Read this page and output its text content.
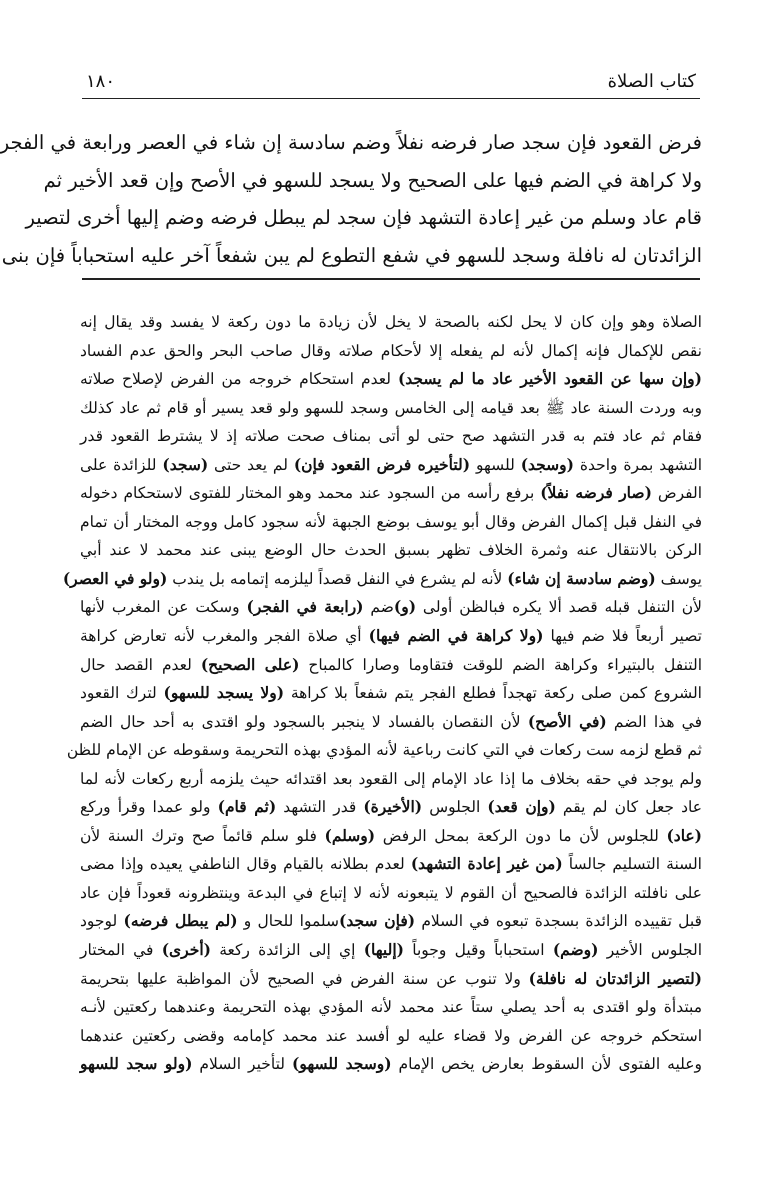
كتاب الصلاة
١٨٠
فرض القعود فإن سجد صار فرضه نفلاً وضم سادسة إن شاء في العصر ورابعة في الفجر
ولا كراهة في الضم فيها على الصحيح ولا يسجد للسهو في الأصح وإن قعد الأخير ثم
قام عاد وسلم من غير إعادة التشهد فإن سجد لم يبطل فرضه وضم إليها أخرى لتصير
الزائدتان له نافلة وسجد للسهو في شفع التطوع لم يبن شفعاً آخر عليه استحباباً فإن بنى
الصلاة وهو وإن كان لا يحل لكنه بالصحة لا يخل لأن زيادة ما دون ركعة لا يفسد وقد يقال إنه
نقص للإكمال فإنه إكمال لأنه لم يفعله إلا لأحكام صلاته وقال صاحب البحر والحق عدم الفساد
(وإن سها عن القعود الأخير عاد ما لم يسجد) لعدم استحكام خروجه من الفرض لإصلاح صلاته
وبه وردت السنة عاد ﷺ بعد قيامه إلى الخامس وسجد للسهو ولو قعد يسير أو قام ثم عاد كذلك
فقام ثم عاد فتم به قدر التشهد صح حتى لو أتى بمناف صحت صلاته إذ لا يشترط القعود قدر
التشهد بمرة واحدة (وسجد) للسهو (لتأخيره فرض القعود فإن) لم يعد حتى (سجد) للزائدة على
الفرض (صار فرضه نفلاً) برفع رأسه من السجود عند محمد وهو المختار للفتوى لاستحكام دخوله
في النفل قبل إكمال الفرض وقال أبو يوسف بوضع الجبهة لأنه سجود كامل ووجه المختار أن تمام
الركن بالانتقال عنه وثمرة الخلاف تظهر بسبق الحدث حال الوضع يبنى عند محمد لا عند أبي
يوسف (وضم سادسة إن شاء) لأنه لم يشرع في النفل قصداً ليلزمه إتمامه بل يندب (ولو في العصر)
لأن التنفل قبله قصد ألا يكره فبالظن أولى (و)ضم (رابعة في الفجر) وسكت عن المغرب لأنها
تصير أربعاً فلا ضم فيها (ولا كراهة في الضم فيها) أي صلاة الفجر والمغرب لأنه تعارض كراهة
التنفل بالبتيراء وكراهة الضم للوقت فتقاوما وصارا كالمباح (على الصحيح) لعدم القصد حال
الشروع كمن صلى ركعة تهجداً فطلع الفجر يتم شفعاً بلا كراهة (ولا يسجد للسهو) لترك القعود
في هذا الضم (في الأصح) لأن النقصان بالفساد لا ينجبر بالسجود ولو اقتدى به أحد حال الضم
ثم قطع لزمه ست ركعات في التي كانت رباعية لأنه المؤدي بهذه التحريمة وسقوطه عن الإمام للظن
ولم يوجد في حقه بخلاف ما إذا عاد الإمام إلى القعود بعد اقتدائه حيث يلزمه أربع ركعات لأنه لما
عاد جعل كان لم يقم (وإن قعد) الجلوس (الأخيرة) قدر التشهد (ثم قام) ولو عمدا وقرأ وركع
(عاد) للجلوس لأن ما دون الركعة بمحل الرفض (وسلم) فلو سلم قائماً صح وترك السنة لأن
السنة التسليم جالساً (من غير إعادة التشهد) لعدم بطلانه بالقيام وقال الناطفي يعيده وإذا مضى
على نافلته الزائدة فالصحيح أن القوم لا يتبعونه لأنه لا إتباع في البدعة وينتظرونه قعوداً فإن عاد
قبل تقييده الزائدة بسجدة تبعوه في السلام (فإن سجد)سلموا للحال و (لم يبطل فرضه) لوجود
الجلوس الأخير (وضم) استحباباً وقيل وجوباً (إليها) إي إلى الزائدة ركعة (أخرى) في المختار
(لتصير الزائدتان له نافلة) ولا تنوب عن سنة الفرض في الصحيح لأن المواظبة عليها بتحريمة
مبتدأة ولو اقتدى به أحد يصلي ستاً عند محمد لأنه المؤدي بهذه التحريمة وعندهما ركعتين لأنـه
استحكم خروجه عن الفرض ولا قضاء عليه لو أفسد عند محمد كإمامه وقضى ركعتين عندهما
وعليه الفتوى لأن السقوط بعارض يخص الإمام (وسجد للسهو) لتأخير السلام (ولو سجد للسهو
